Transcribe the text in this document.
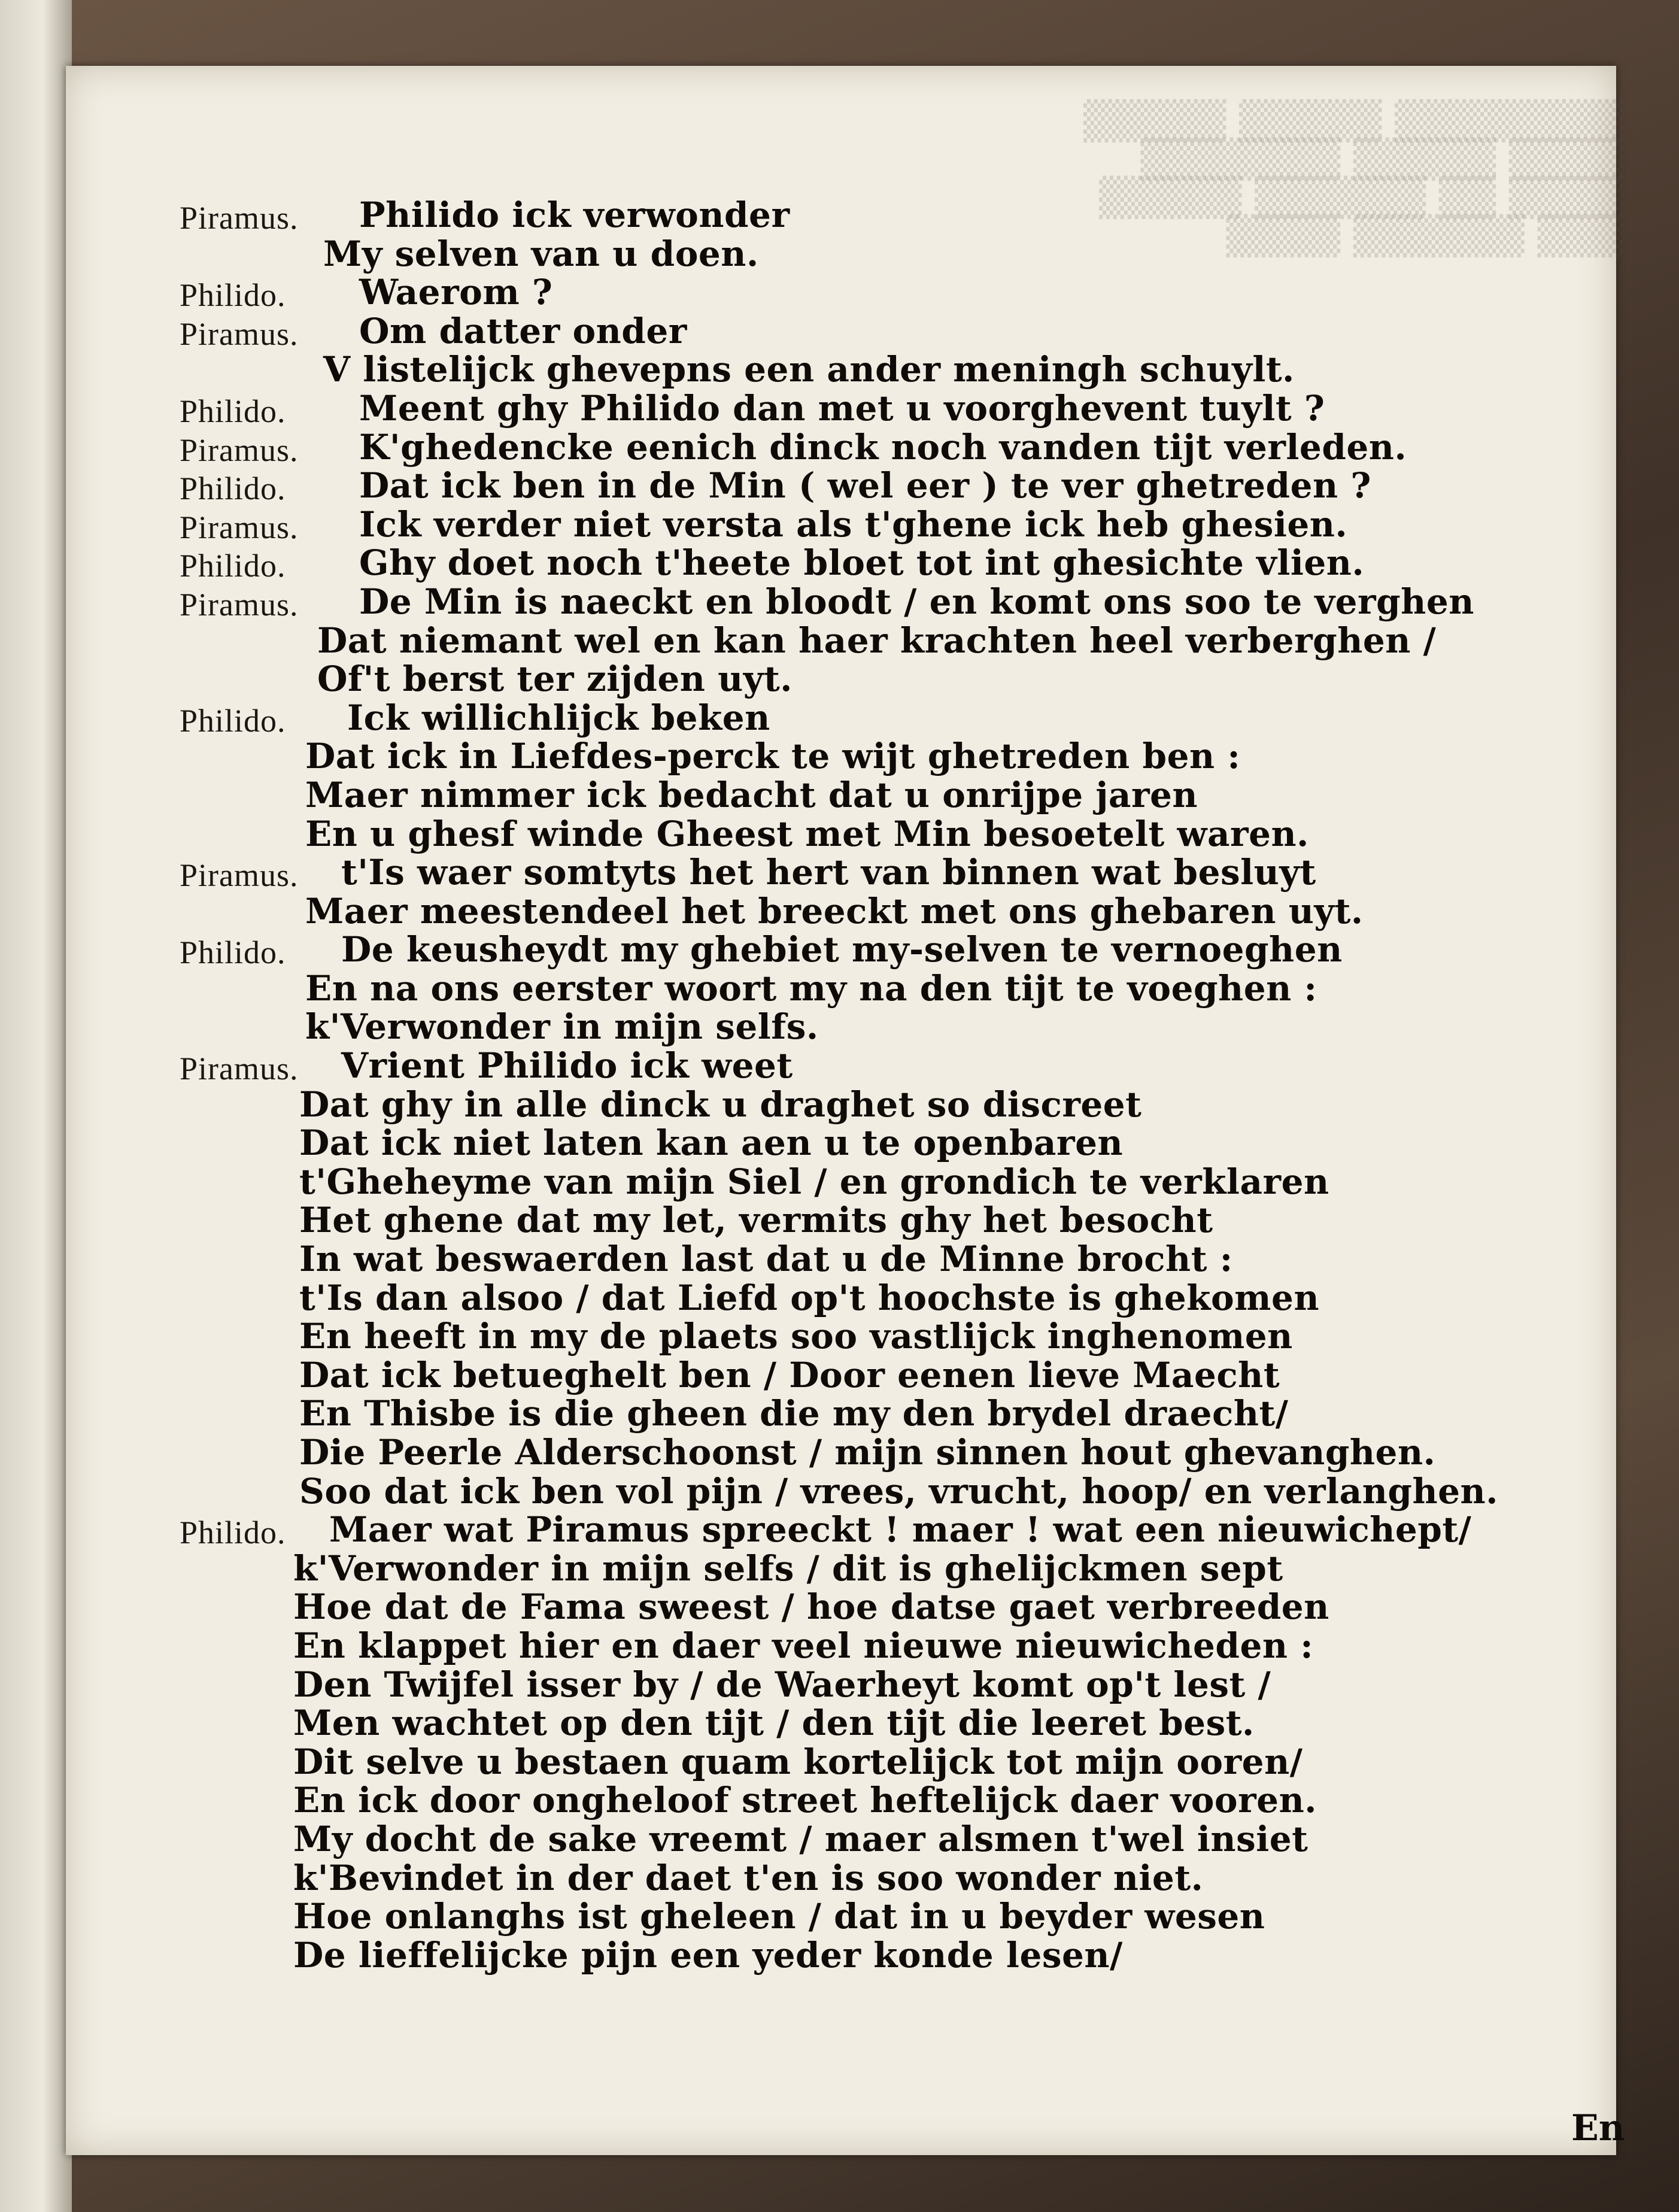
▒▒▒▒▒▒▒▒ ▒▒▒▒▒ ▒▒▒▒▒
▒▒▒▒ ▒▒▒▒▒ ▒▒▒▒▒▒▒
▒▒▒▒ ▒▒ ▒▒▒▒▒▒ ▒▒▒▒▒
▒▒▒ ▒▒▒▒▒▒ ▒▒▒▒
Piramus. Philido ick verwonder
My selven van u doen.
Philido. Waerom ?
Piramus. Om datter onder
V listelijck ghevepns een ander meningh schuylt.
Philido. Meent ghy Philido dan met u voorghevent tuylt ?
Piramus. K'ghedencke eenich dinck noch vanden tijt verleden.
Philido. Dat ick ben in de Min ( wel eer ) te ver ghetreden ?
Piramus. Ick verder niet versta als t'ghene ick heb ghesien.
Philido. Ghy doet noch t'heete bloet tot int ghesichte vlien.
Piramus. De Min is naeckt en bloodt / en komt ons soo te verghen
Dat niemant wel en kan haer krachten heel verberghen /
Of't berst ter zijden uyt.
Philido. Ick willichlijck beken
Dat ick in Liefdes-perck te wijt ghetreden ben :
Maer nimmer ick bedacht dat u onrijpe jaren
En u ghesf winde Gheest met Min besoetelt waren.
Piramus. t'Is waer somtyts het hert van binnen wat besluyt
Maer meestendeel het breeckt met ons ghebaren uyt.
Philido. De keusheydt my ghebiet my-selven te vernoeghen
En na ons eerster woort my na den tijt te voeghen :
k'Verwonder in mijn selfs.
Piramus. Vrient Philido ick weet
Dat ghy in alle dinck u draghet so discreet
Dat ick niet laten kan aen u te openbaren
t'Gheheyme van mijn Siel / en grondich te verklaren
Het ghene dat my let, vermits ghy het besocht
In wat beswaerden last dat u de Minne brocht :
t'Is dan alsoo / dat Liefd op't hoochste is ghekomen
En heeft in my de plaets soo vastlijck inghenomen
Dat ick betueghelt ben / Door eenen lieve Maecht
En Thisbe is die gheen die my den brydel draecht/
Die Peerle Alderschoonst / mijn sinnen hout ghevanghen.
Soo dat ick ben vol pijn / vrees, vrucht, hoop/ en verlanghen.
Philido. Maer wat Piramus spreeckt ! maer ! wat een nieuwichept/
k'Verwonder in mijn selfs / dit is ghelijckmen sept
Hoe dat de Fama sweest / hoe datse gaet verbreeden
En klappet hier en daer veel nieuwe nieuwicheden :
Den Twijfel isser by / de Waerheyt komt op't lest /
Men wachtet op den tijt / den tijt die leeret best.
Dit selve u bestaen quam kortelijck tot mijn ooren/
En ick door ongheloof street heftelijck daer vooren.
My docht de sake vreemt / maer alsmen t'wel insiet
k'Bevindet in der daet t'en is soo wonder niet.
Hoe onlanghs ist gheleen / dat in u beyder wesen
De lieffelijcke pijn een yeder konde lesen/
En
